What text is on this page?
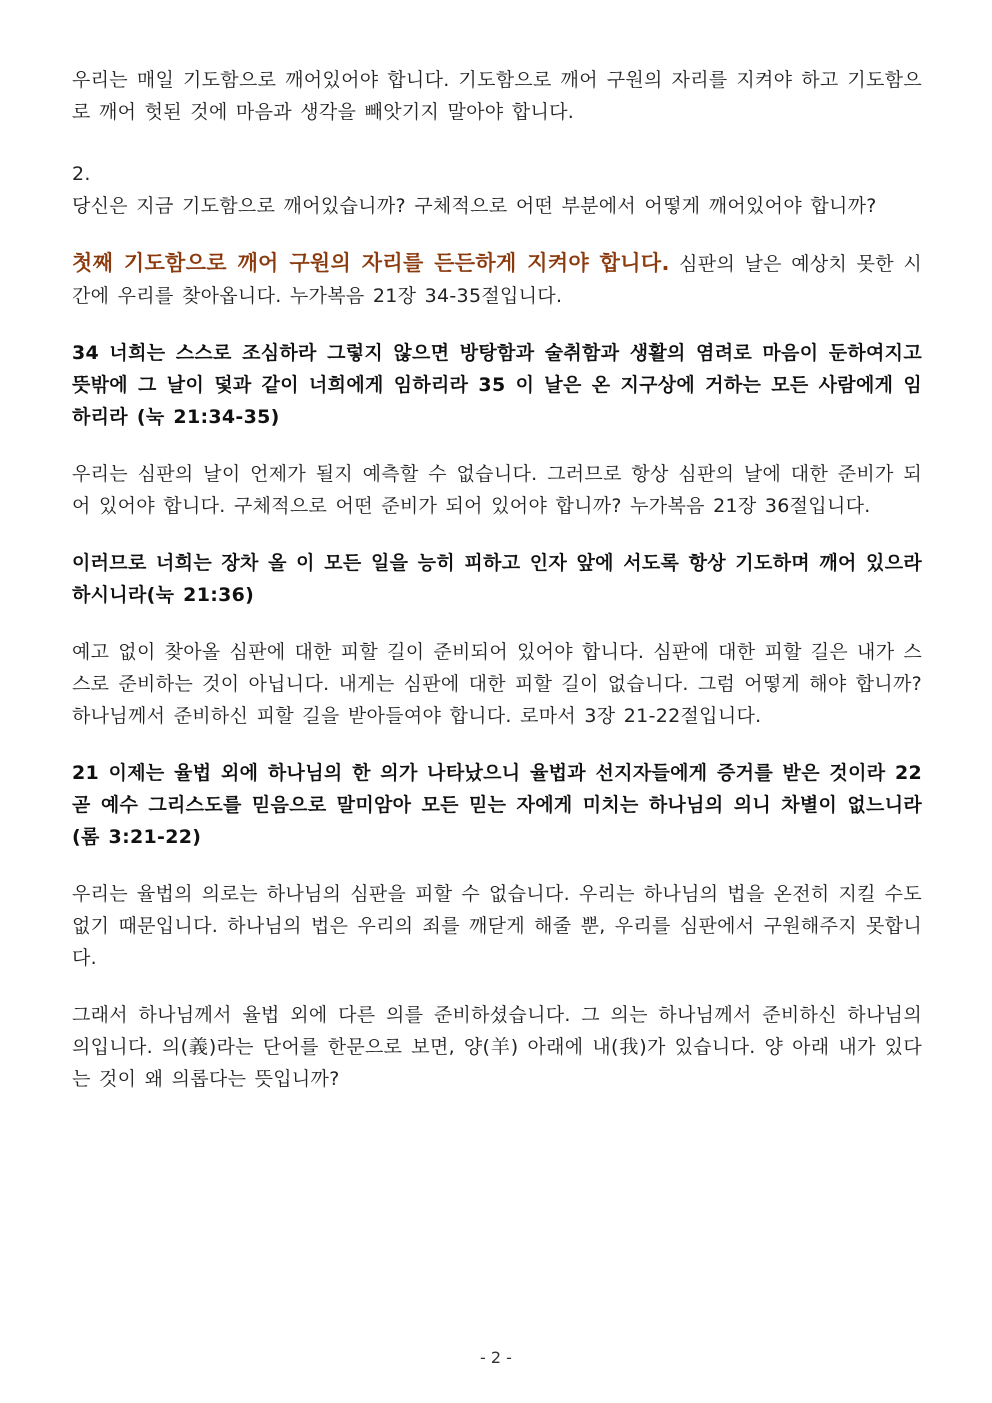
우리는 매일 기도함으로 깨어있어야 합니다. 기도함으로 깨어 구원의 자리를 지켜야 하고 기도함으로 깨어 헛된 것에 마음과 생각을 빼앗기지 말아야 합니다.

2.

당신은 지금 기도함으로 깨어있습니까? 구체적으로 어떤 부분에서 어떻게 깨어있어야 합니까?

첫째 기도함으로 깨어 구원의 자리를 든든하게 지켜야 합니다. 심판의 날은 예상치 못한 시간에 우리를 찾아옵니다. 누가복음 21장 34-35절입니다.

34 너희는 스스로 조심하라 그렇지 않으면 방탕함과 술취함과 생활의 염려로 마음이 둔하여지고 뜻밖에 그 날이 덫과 같이 너희에게 임하리라 35 이 날은 온 지구상에 거하는 모든 사람에게 임하리라 (눅 21:34-35)

우리는 심판의 날이 언제가 될지 예측할 수 없습니다. 그러므로 항상 심판의 날에 대한 준비가 되어 있어야 합니다. 구체적으로 어떤 준비가 되어 있어야 합니까? 누가복음 21장 36절입니다.

이러므로 너희는 장차 올 이 모든 일을 능히 피하고 인자 앞에 서도록 항상 기도하며 깨어 있으라 하시니라(눅 21:36)

예고 없이 찾아올 심판에 대한 피할 길이 준비되어 있어야 합니다. 심판에 대한 피할 길은 내가 스스로 준비하는 것이 아닙니다. 내게는 심판에 대한 피할 길이 없습니다. 그럼 어떻게 해야 합니까? 하나님께서 준비하신 피할 길을 받아들여야 합니다. 로마서 3장 21-22절입니다.

21 이제는 율법 외에 하나님의 한 의가 나타났으니 율법과 선지자들에게 증거를 받은 것이라 22 곧 예수 그리스도를 믿음으로 말미암아 모든 믿는 자에게 미치는 하나님의 의니 차별이 없느니라 (롬 3:21-22)

우리는 율법의 의로는 하나님의 심판을 피할 수 없습니다. 우리는 하나님의 법을 온전히 지킬 수도 없기 때문입니다. 하나님의 법은 우리의 죄를 깨닫게 해줄 뿐, 우리를 심판에서 구원해주지 못합니다.

그래서 하나님께서 율법 외에 다른 의를 준비하셨습니다. 그 의는 하나님께서 준비하신 하나님의 의입니다. 의(義)라는 단어를 한문으로 보면, 양(羊) 아래에 내(我)가 있습니다. 양 아래 내가 있다는 것이 왜 의롭다는 뜻입니까?

- 2 -
